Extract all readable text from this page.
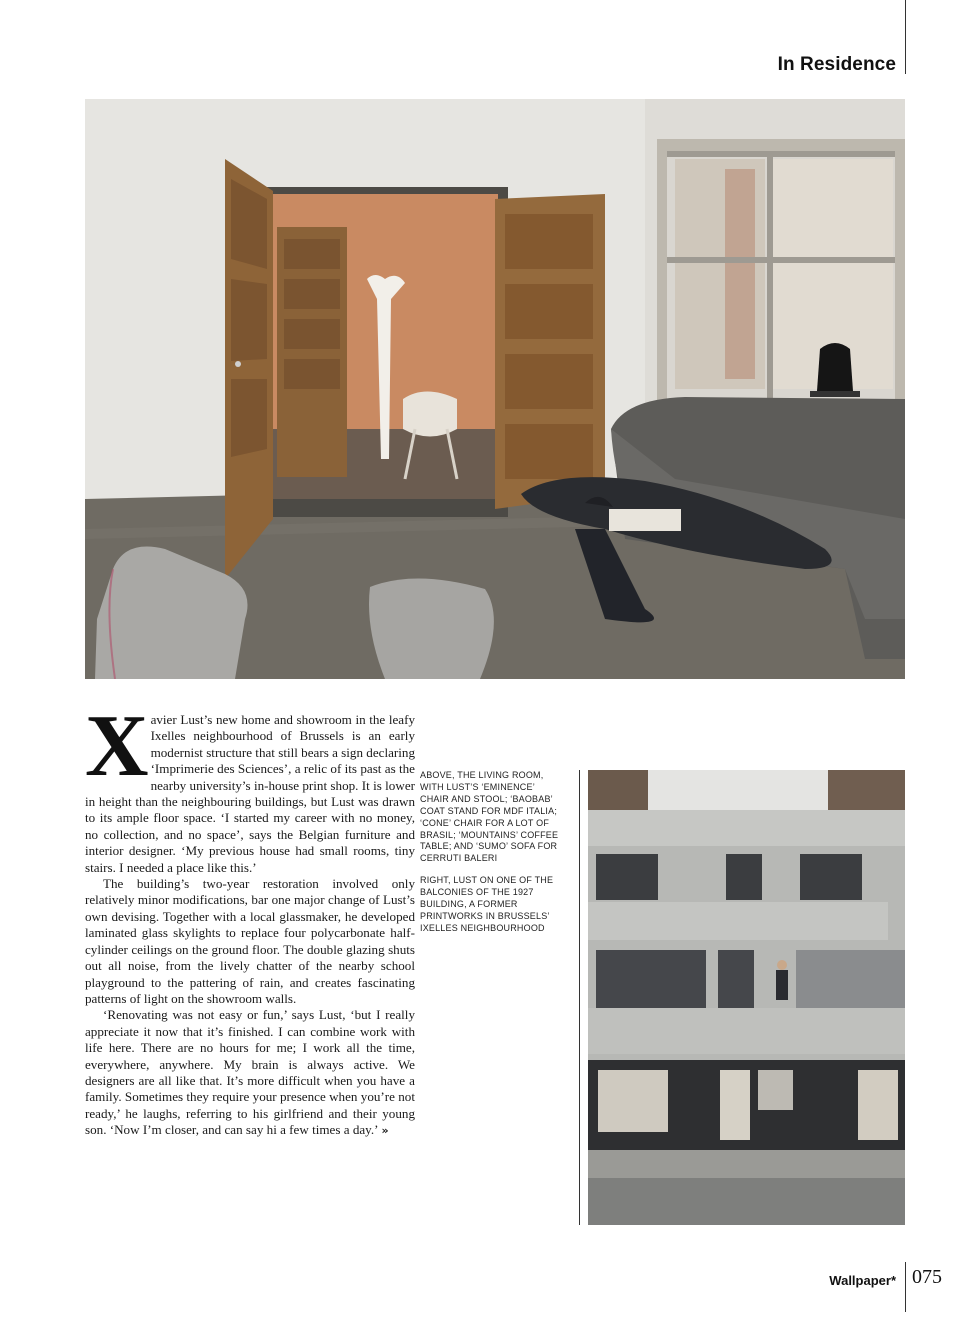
In Residence

Xavier Lust’s new home and showroom in the leafy Ixelles neighbourhood of Brussels is an early modernist structure that still bears a sign declaring ‘Imprimerie des Sciences’, a relic of its past as the nearby university’s in-house print shop. It is lower in height than the neighbouring buildings, but Lust was drawn to its ample floor space. ‘I started my career with no money, no collection, and no space’, says the Belgian furniture and interior designer. ‘My previous house had small rooms, tiny stairs. I needed a place like this.’

The building’s two-year restoration involved only relatively minor modifications, bar one major change of Lust’s own devising. Together with a local glassmaker, he developed laminated glass skylights to replace four polycarbonate half-cylinder ceilings on the ground floor. The double glazing shuts out all noise, from the lively chatter of the nearby school playground to the pattering of rain, and creates fascinating patterns of light on the showroom walls.

‘Renovating was not easy or fun,’ says Lust, ‘but I really appreciate it now that it’s finished. I can combine work with life here. There are no hours for me; I work all the time, everywhere, anywhere. My brain is always active. We designers are all like that. It’s more difficult when you have a family. Sometimes they require your presence when you’re not ready,’ he laughs, referring to his girlfriend and their young son. ‘Now I’m closer, and can say hi a few times a day.’ »

ABOVE, THE LIVING ROOM, WITH LUST’S ‘EMINENCE’ CHAIR AND STOOL; ‘BAOBAB’ COAT STAND FOR MDF ITALIA; ‘CONE’ CHAIR FOR A LOT OF BRASIL; ‘MOUNTAINS’ COFFEE TABLE; AND ‘SUMO’ SOFA FOR CERRUTI BALERI
RIGHT, LUST ON ONE OF THE BALCONIES OF THE 1927 BUILDING, A FORMER PRINTWORKS IN BRUSSELS’ IXELLES NEIGHBOURHOOD
Wallpaper* 075
